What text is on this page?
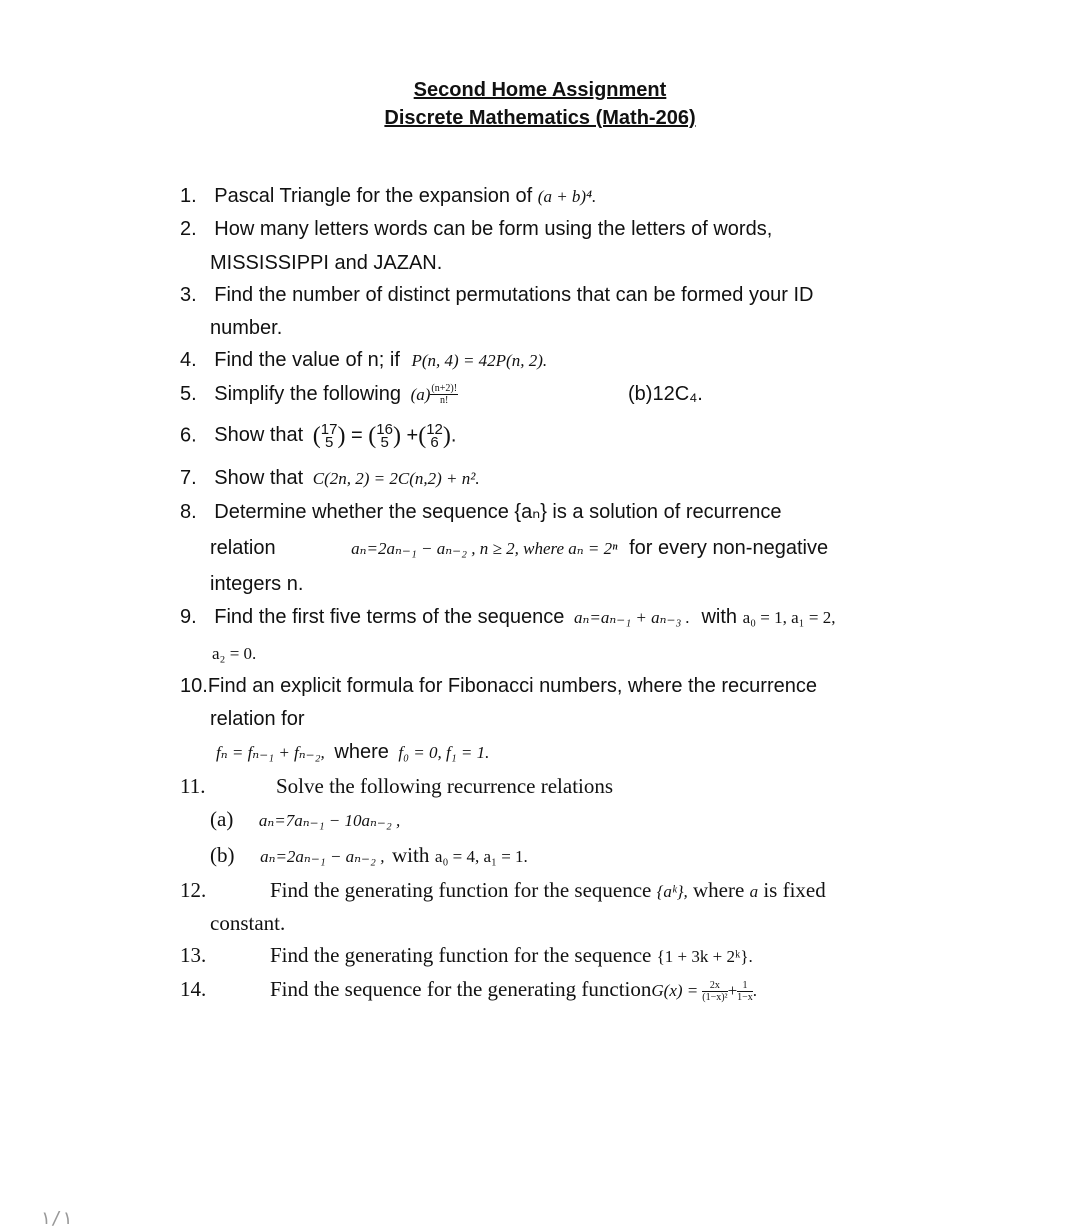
Second Home Assignment
Discrete Mathematics (Math-206)
1. Pascal Triangle for the expansion of (a + b)⁴.
2. How many letters words can be form using the letters of words,
MISSISSIPPI and JAZAN.
3. Find the number of distinct permutations that can be formed your ID
number.
4. Find the value of n; if P(n, 4) = 42P(n, 2).
5. Simplify the following $(a) \frac{(n+2)!}{n!}$	(b)12C₄.
6. Show that ( 17
5 ) = ( 16
5 ) +( 12
6 ).
7. Show that C(2n, 2) = 2C(n,2) + n².
8. Determine whether the sequence {aₙ} is a solution of recurrence
relation	aₙ=2aₙ₋₁ − aₙ₋₂ , n ≥ 2, where aₙ = 2ⁿ for every non-negative
integers n.
9. Find the first five terms of the sequence aₙ=aₙ₋₁ + aₙ₋₃ . with a₀ = 1, a₁ = 2,
a₂ = 0.
10.Find an explicit formula for Fibonacci numbers, where the recurrence
relation for
fₙ = fₙ₋₁ + fₙ₋₂, where f₀ = 0, f₁ = 1.
11.	Solve the following recurrence relations
(a) aₙ=7aₙ₋₁ − 10aₙ₋₂ ,
(b) aₙ=2aₙ₋₁ − aₙ₋₂ , with a₀ = 4, a₁ = 1.
12.	Find the generating function for the sequence {aᵏ}, where a is fixed
constant.
13.	Find the generating function for the sequence {1 + 3k + 2ᵏ}.
14.	Find the sequence for the generating functionG(x) = $\frac{2x}{\text{(1−x)²}} + \frac{1}{1-x}$ .
۱/۱
